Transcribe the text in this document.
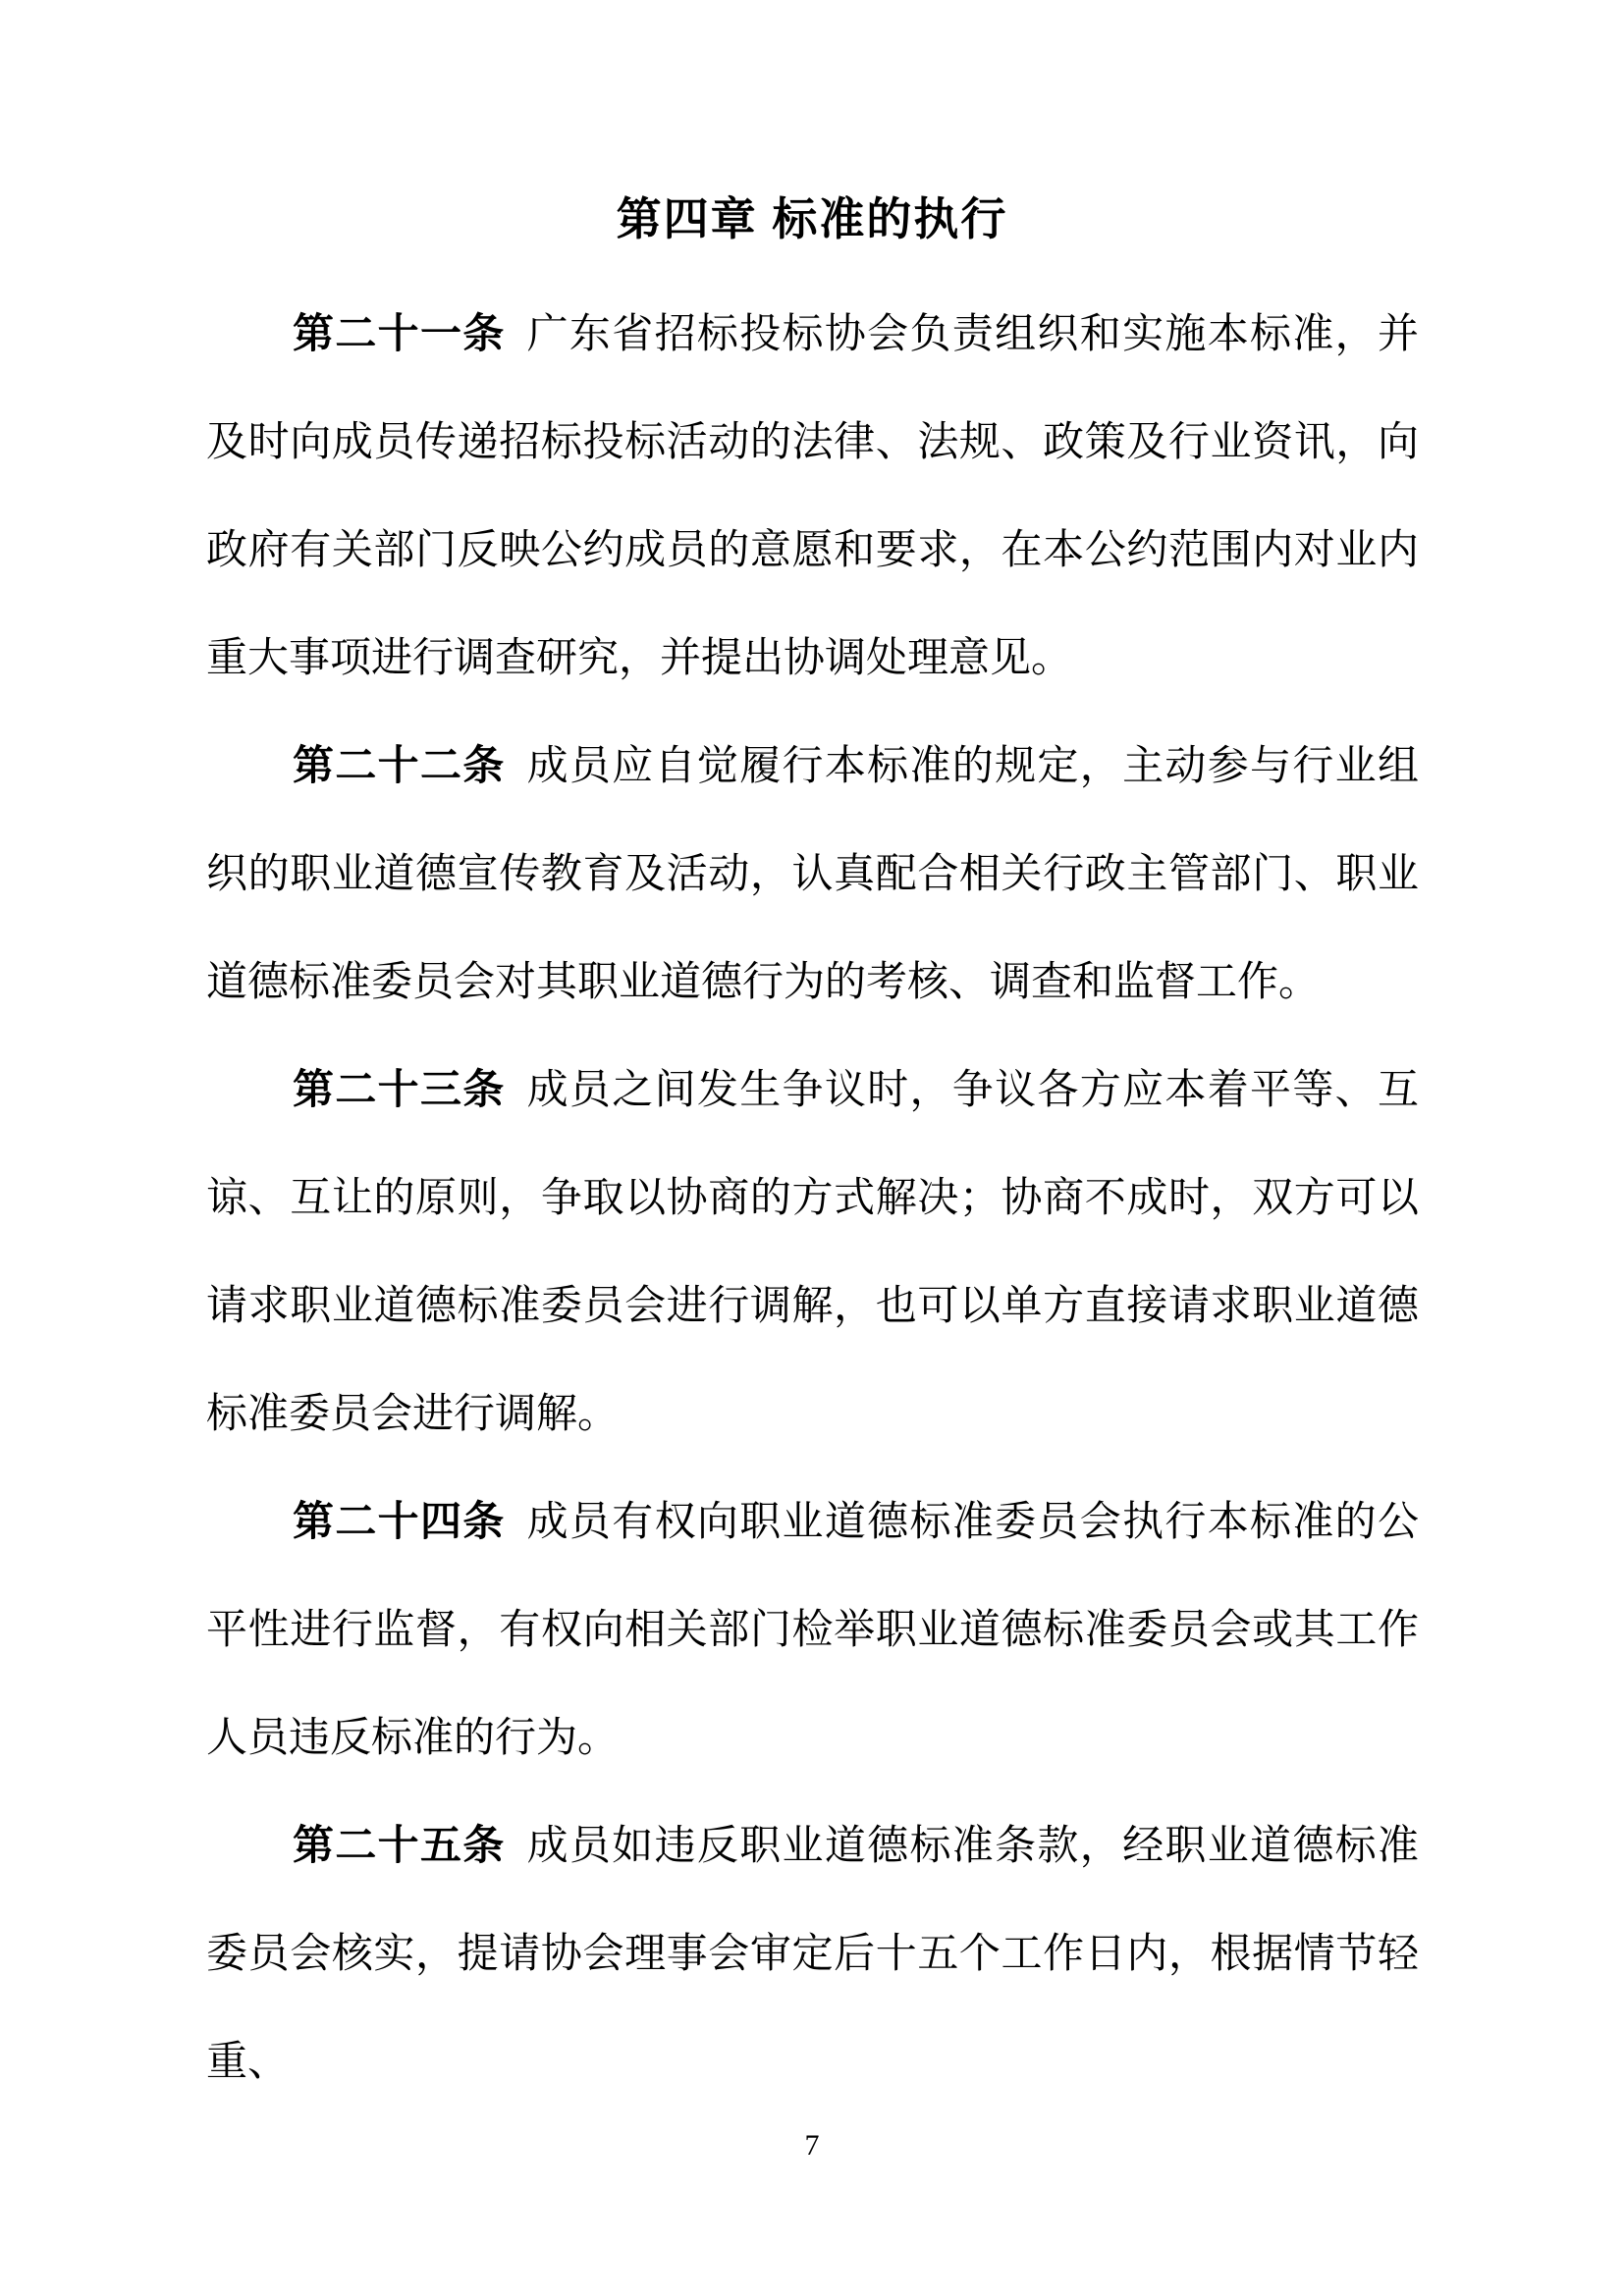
第四章 标准的执行

第二十一条 广东省招标投标协会负责组织和实施本标准，并及时向成员传递招标投标活动的法律、法规、政策及行业资讯，向政府有关部门反映公约成员的意愿和要求，在本公约范围内对业内重大事项进行调查研究，并提出协调处理意见。

第二十二条 成员应自觉履行本标准的规定，主动参与行业组织的职业道德宣传教育及活动，认真配合相关行政主管部门、职业道德标准委员会对其职业道德行为的考核、调查和监督工作。

第二十三条 成员之间发生争议时，争议各方应本着平等、互谅、互让的原则，争取以协商的方式解决；协商不成时，双方可以请求职业道德标准委员会进行调解，也可以单方直接请求职业道德标准委员会进行调解。

第二十四条 成员有权向职业道德标准委员会执行本标准的公平性进行监督，有权向相关部门检举职业道德标准委员会或其工作人员违反标准的行为。

第二十五条 成员如违反职业道德标准条款，经职业道德标准委员会核实，提请协会理事会审定后十五个工作日内，根据情节轻重、

7
